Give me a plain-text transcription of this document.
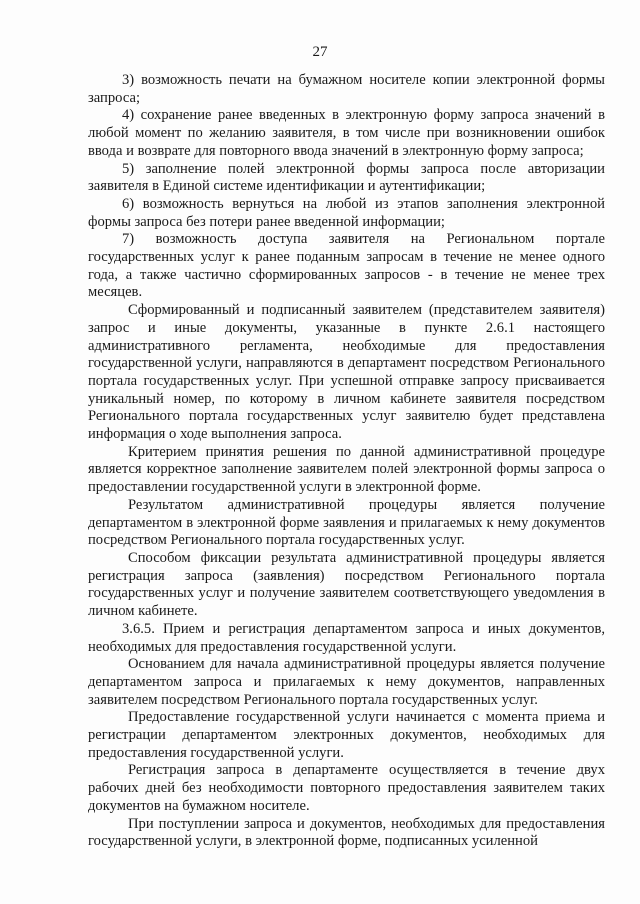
27

3) возможность печати на бумажном носителе копии электронной формы запроса;

4) сохранение ранее введенных в электронную форму запроса значений в любой момент по желанию заявителя, в том числе при возникновении ошибок ввода и возврате для повторного ввода значений в электронную форму запроса;

5) заполнение полей электронной формы запроса после авторизации заявителя в Единой системе идентификации и аутентификации;

6) возможность вернуться на любой из этапов заполнения электронной формы запроса без потери ранее введенной информации;

7) возможность доступа заявителя на Региональном портале государственных услуг к ранее поданным запросам в течение не менее одного года, а также частично сформированных запросов - в течение не менее трех месяцев.

Сформированный и подписанный заявителем (представителем заявителя) запрос и иные документы, указанные в пункте 2.6.1 настоящего административного регламента, необходимые для предоставления государственной услуги, направляются в департамент посредством Регионального портала государственных услуг. При успешной отправке запросу присваивается уникальный номер, по которому в личном кабинете заявителя посредством Регионального портала государственных услуг заявителю будет представлена информация о ходе выполнения запроса.

Критерием принятия решения по данной административной процедуре является корректное заполнение заявителем полей электронной формы запроса о предоставлении государственной услуги в электронной форме.

Результатом административной процедуры является получение департаментом в электронной форме заявления и прилагаемых к нему документов посредством Регионального портала государственных услуг.

Способом фиксации результата административной процедуры является регистрация запроса (заявления) посредством Регионального портала государственных услуг и получение заявителем соответствующего уведомления в личном кабинете.

3.6.5. Прием и регистрация департаментом запроса и иных документов, необходимых для предоставления государственной услуги.

Основанием для начала административной процедуры является получение департаментом запроса и прилагаемых к нему документов, направленных заявителем посредством Регионального портала государственных услуг.

Предоставление государственной услуги начинается с момента приема и регистрации департаментом электронных документов, необходимых для предоставления государственной услуги.

Регистрация запроса в департаменте осуществляется в течение двух рабочих дней без необходимости повторного предоставления заявителем таких документов на бумажном носителе.

При поступлении запроса и документов, необходимых для предоставления государственной услуги, в электронной форме, подписанных усиленной
